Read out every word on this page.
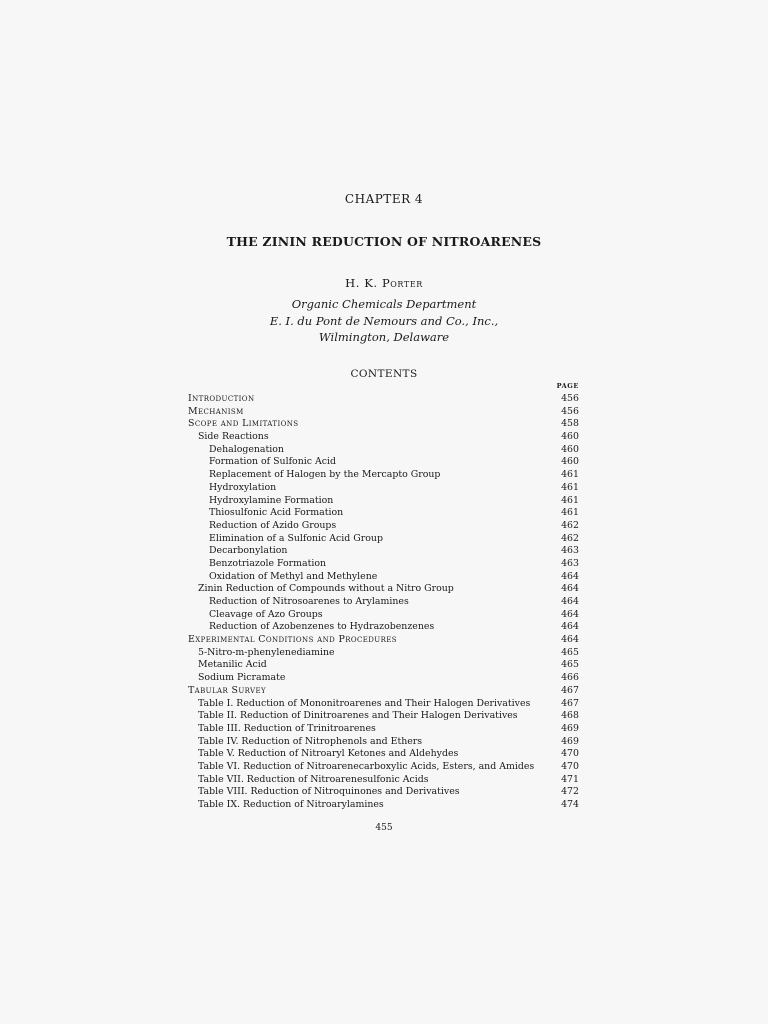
CHAPTER 4
THE ZININ REDUCTION OF NITROARENES
H. K. Porter
Organic Chemicals Department
E. I. du Pont de Nemours and Co., Inc.,
Wilmington, Delaware
CONTENTS
PAGE
Introduction	456
Mechanism	456
Scope and Limitations	458
Side Reactions	460
Dehalogenation	460
Formation of Sulfonic Acid	460
Replacement of Halogen by the Mercapto Group	461
Hydroxylation	461
Hydroxylamine Formation	461
Thiosulfonic Acid Formation	461
Reduction of Azido Groups	462
Elimination of a Sulfonic Acid Group	462
Decarbonylation	463
Benzotriazole Formation	463
Oxidation of Methyl and Methylene	464
Zinin Reduction of Compounds without a Nitro Group	464
Reduction of Nitrosoarenes to Arylamines	464
Cleavage of Azo Groups	464
Reduction of Azobenzenes to Hydrazobenzenes	464
Experimental Conditions and Procedures	464
5-Nitro-m-phenylenediamine	465
Metanilic Acid	465
Sodium Picramate	466
Tabular Survey	467
Table I. Reduction of Mononitroarenes and Their Halogen Derivatives	467
Table II. Reduction of Dinitroarenes and Their Halogen Derivatives	468
Table III. Reduction of Trinitroarenes	469
Table IV. Reduction of Nitrophenols and Ethers	469
Table V. Reduction of Nitroaryl Ketones and Aldehydes	470
Table VI. Reduction of Nitroarenecarboxylic Acids, Esters, and Amides	470
Table VII. Reduction of Nitroarenesulfonic Acids	471
Table VIII. Reduction of Nitroquinones and Derivatives	472
Table IX. Reduction of Nitroarylamines	474
455
